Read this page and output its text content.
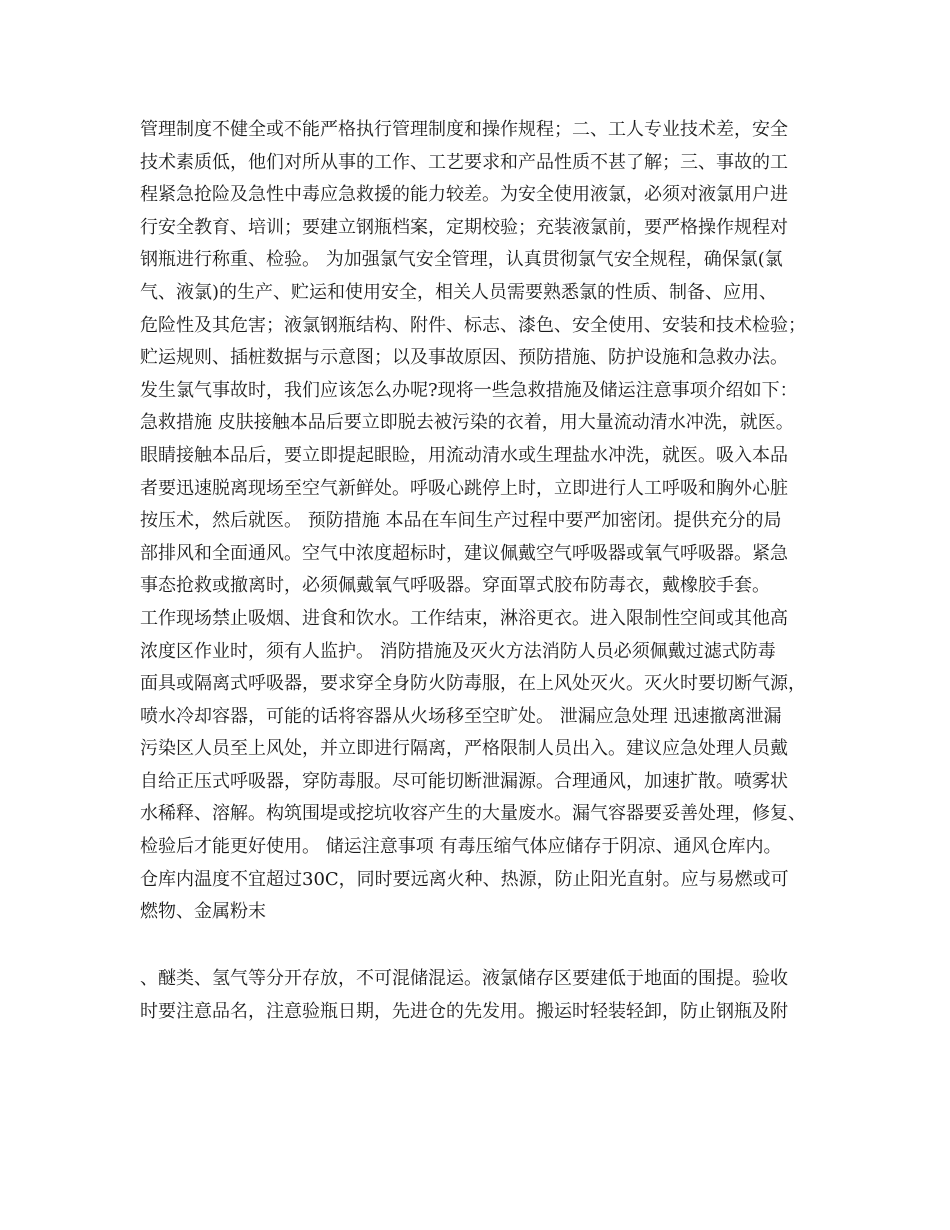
管理制度不健全或不能严格执行管理制度和操作规程；二、工人专业技术差，安全
技术素质低，他们对所从事的工作、工艺要求和产品性质不甚了解；三、事故的工
程紧急抢险及急性中毒应急救援的能力较差。为安全使用液氯，必须对液氯用户进
行安全教育、培训；要建立钢瓶档案，定期校验；充装液氯前，要严格操作规程对
钢瓶进行称重、检验。 为加强氯气安全管理，认真贯彻氯气安全规程，确保氯(氯
气、液氯)的生产、贮运和使用安全，相关人员需要熟悉氯的性质、制备、应用、
危险性及其危害；液氯钢瓶结构、附件、标志、漆色、安全使用、安装和技术检验；
贮运规则、插桩数据与示意图；以及事故原因、预防措施、防护设施和急救办法。
发生氯气事故时，我们应该怎么办呢?现将一些急救措施及储运注意事项介绍如下：
急救措施 皮肤接触本品后要立即脱去被污染的衣着，用大量流动清水冲洗，就医。
眼睛接触本品后，要立即提起眼睑，用流动清水或生理盐水冲洗，就医。吸入本品
者要迅速脱离现场至空气新鲜处。呼吸心跳停上时，立即进行人工呼吸和胸外心脏
按压术，然后就医。 预防措施 本品在车间生产过程中要严加密闭。提供充分的局
部排风和全面通风。空气中浓度超标时，建议佩戴空气呼吸器或氧气呼吸器。紧急
事态抢救或撤离时，必须佩戴氧气呼吸器。穿面罩式胶布防毒衣，戴橡胶手套。
工作现场禁止吸烟、进食和饮水。工作结束，淋浴更衣。进入限制性空间或其他高
浓度区作业时，须有人监护。 消防措施及灭火方法消防人员必须佩戴过滤式防毒
面具或隔离式呼吸器，要求穿全身防火防毒服，在上风处灭火。灭火时要切断气源，
喷水冷却容器，可能的话将容器从火场移至空旷处。 泄漏应急处理 迅速撤离泄漏
污染区人员至上风处，并立即进行隔离，严格限制人员出入。建议应急处理人员戴
自给正压式呼吸器，穿防毒服。尽可能切断泄漏源。合理通风，加速扩散。喷雾状
水稀释、溶解。构筑围堤或挖坑收容产生的大量废水。漏气容器要妥善处理，修复、
检验后才能更好使用。 储运注意事项 有毒压缩气体应储存于阴凉、通风仓库内。
仓库内温度不宜超过30C，同时要远离火种、热源，防止阳光直射。应与易燃或可
燃物、金属粉末
、醚类、氢气等分开存放，不可混储混运。液氯储存区要建低于地面的围提。验收
时要注意品名，注意验瓶日期，先进仓的先发用。搬运时轻装轻卸，防止钢瓶及附
